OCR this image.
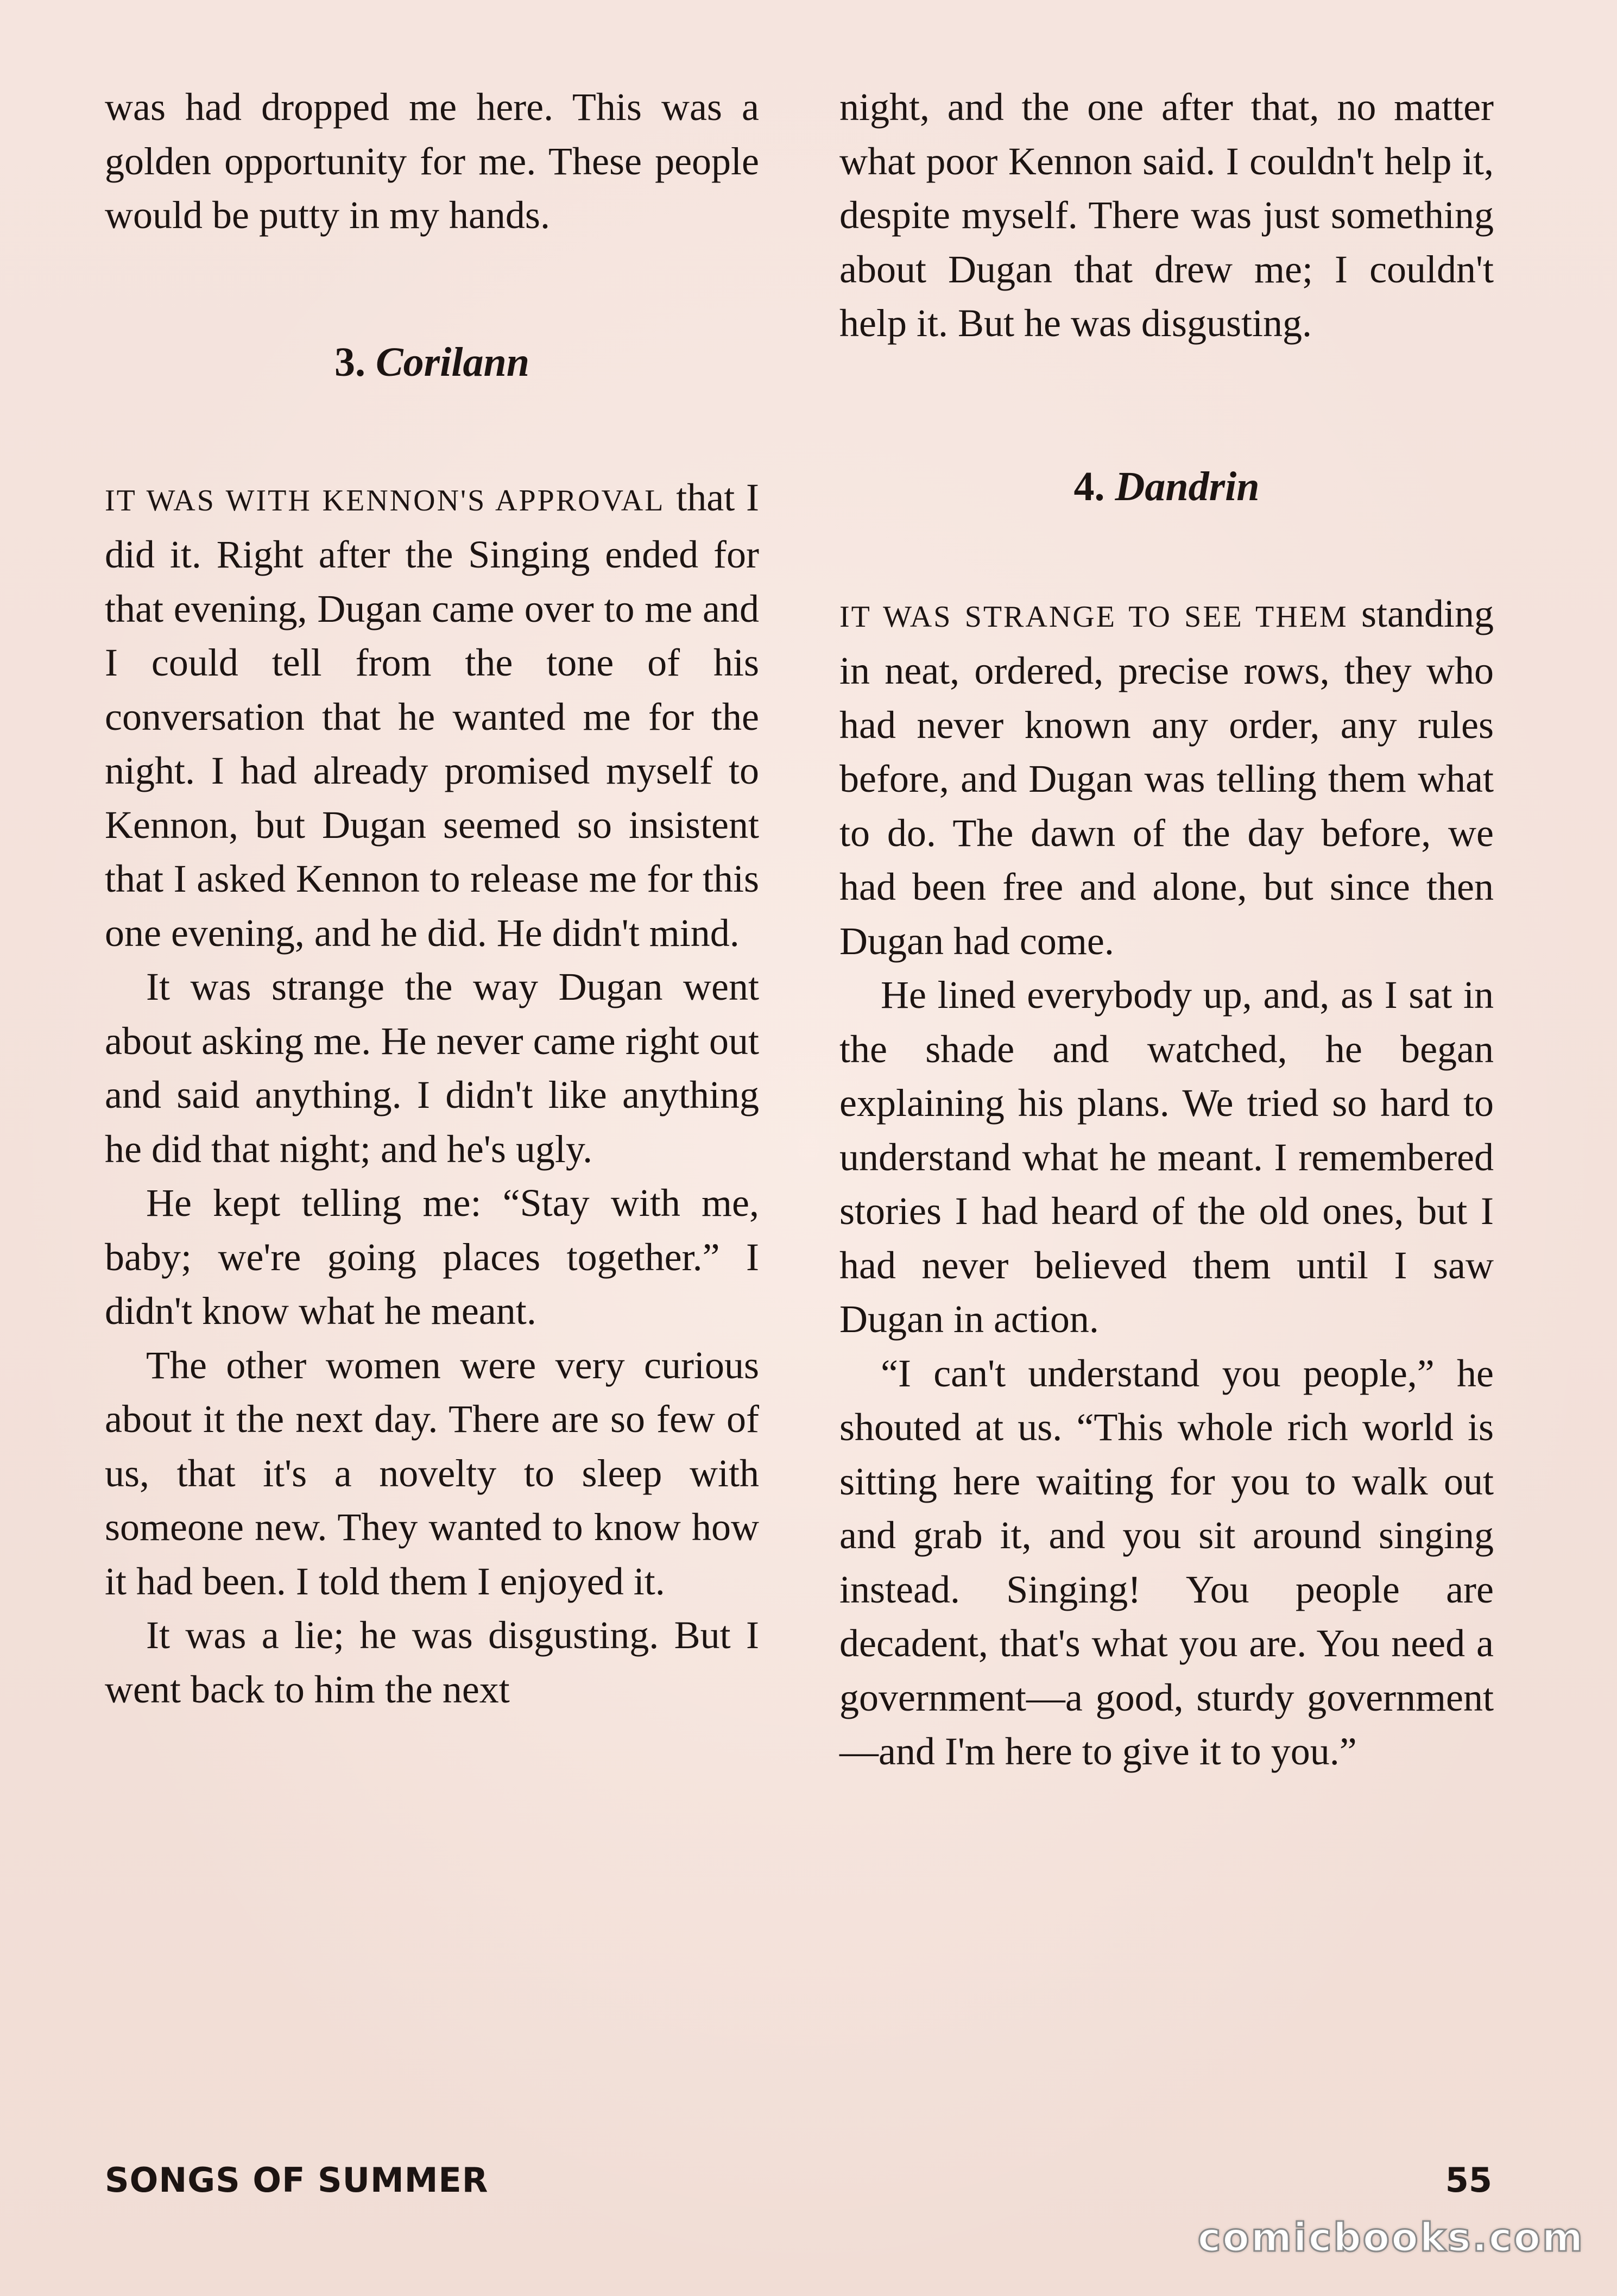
was had dropped me here. This was a golden opportunity for me. These people would be putty in my hands.

3. Corilann

IT WAS WITH KENNON'S APPROVAL that I did it. Right after the Singing ended for that evening, Dugan came over to me and I could tell from the tone of his conversation that he wanted me for the night. I had already promised myself to Kennon, but Dugan seemed so insistent that I asked Kennon to release me for this one evening, and he did. He didn't mind.

It was strange the way Dugan went about asking me. He never came right out and said anything. I didn't like anything he did that night; and he's ugly.

He kept telling me: “Stay with me, baby; we're going places together.” I didn't know what he meant.

The other women were very curious about it the next day. There are so few of us, that it's a novelty to sleep with someone new. They wanted to know how it had been. I told them I enjoyed it.

It was a lie; he was disgusting. But I went back to him the next

night, and the one after that, no matter what poor Kennon said. I couldn't help it, despite myself. There was just something about Dugan that drew me; I couldn't help it. But he was disgusting.

4. Dandrin

IT WAS STRANGE TO SEE THEM standing in neat, ordered, precise rows, they who had never known any order, any rules before, and Dugan was telling them what to do. The dawn of the day before, we had been free and alone, but since then Dugan had come.

He lined everybody up, and, as I sat in the shade and watched, he began explaining his plans. We tried so hard to understand what he meant. I remembered stories I had heard of the old ones, but I had never believed them until I saw Dugan in action.

“I can't understand you people,” he shouted at us. “This whole rich world is sitting here waiting for you to walk out and grab it, and you sit around singing instead. Singing! You people are decadent, that's what you are. You need a government—a good, sturdy government—and I'm here to give it to you.”

SONGS OF SUMMER	55
comicbooks.com
